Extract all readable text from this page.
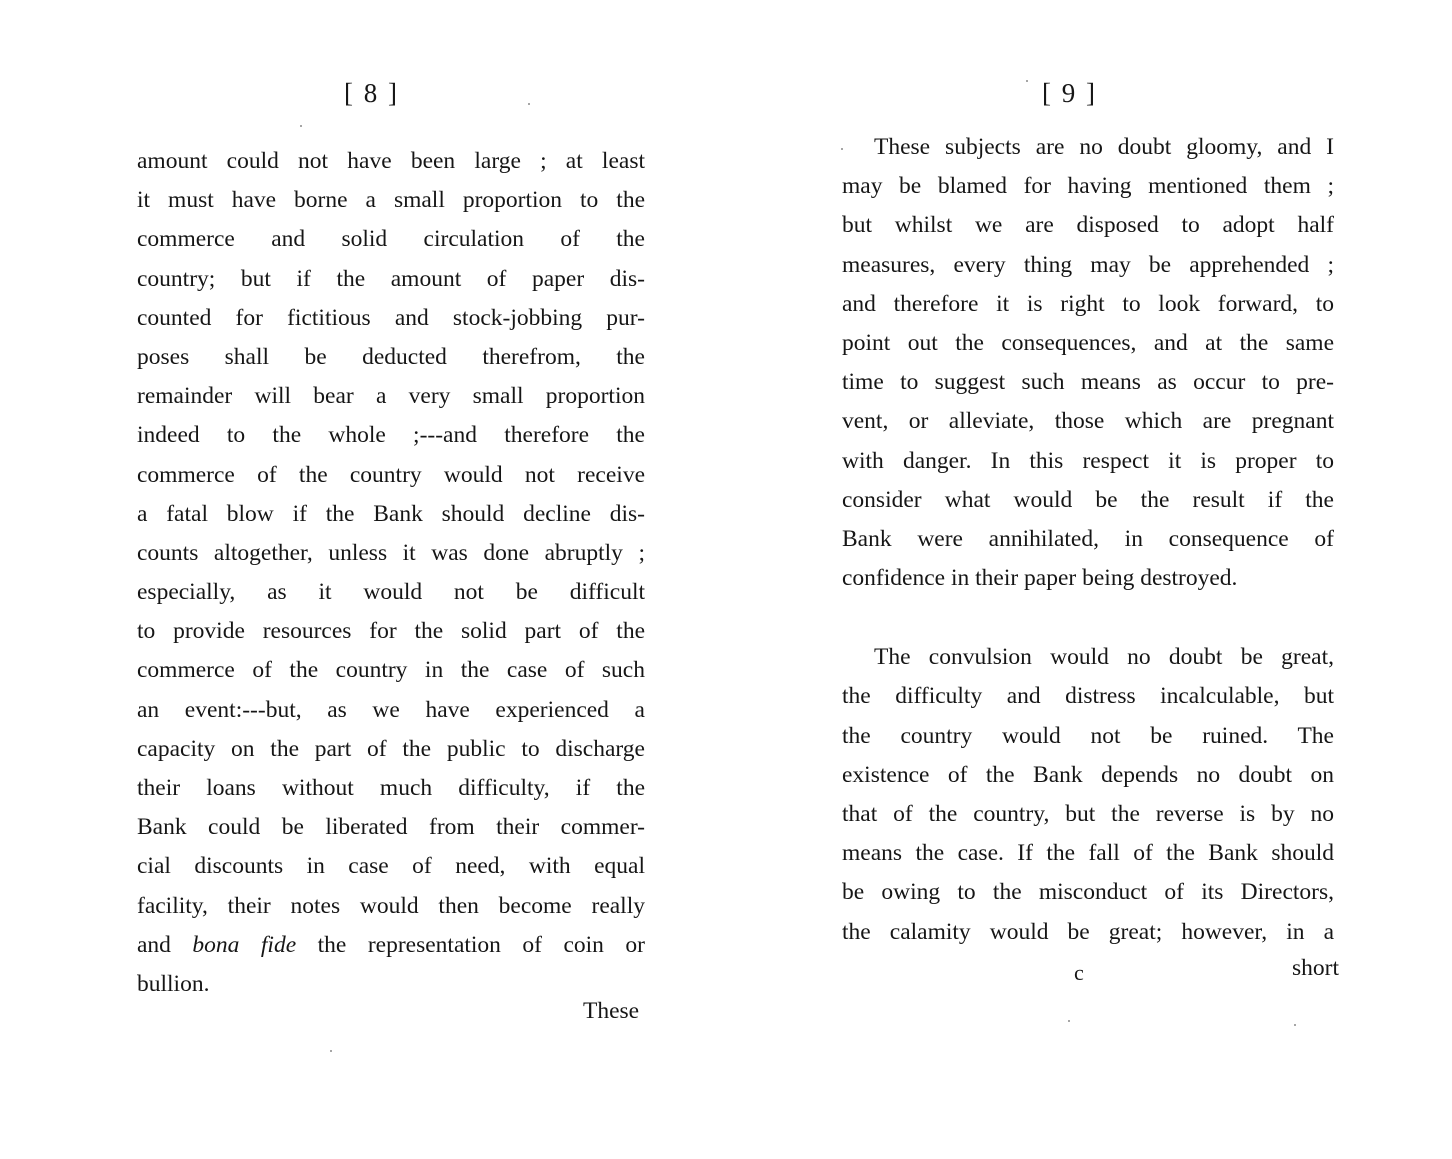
[ 8 ]
amount could not have been large ; at least
it must have borne a small proportion to the
commerce and solid circulation of the
country; but if the amount of paper dis-
counted for fictitious and stock-jobbing pur-
poses shall be deducted therefrom, the
remainder will bear a very small proportion
indeed to the whole ;---and therefore the
commerce of the country would not receive
a fatal blow if the Bank should decline dis-
counts altogether, unless it was done abruptly ;
especially, as it would not be difficult
to provide resources for the solid part of the
commerce of the country in the case of such
an event:---but, as we have experienced a
capacity on the part of the public to discharge
their loans without much difficulty, if the
Bank could be liberated from their commer-
cial discounts in case of need, with equal
facility, their notes would then become really
and bona fide the representation of coin or
bullion.
These
[ 9 ]
These subjects are no doubt gloomy, and I
may be blamed for having mentioned them ;
but whilst we are disposed to adopt half
measures, every thing may be apprehended ;
and therefore it is right to look forward, to
point out the consequences, and at the same
time to suggest such means as occur to pre-
vent, or alleviate, those which are pregnant
with danger. In this respect it is proper to
consider what would be the result if the
Bank were annihilated, in consequence of
confidence in their paper being destroyed.
The convulsion would no doubt be great,
the difficulty and distress incalculable, but
the country would not be ruined. The
existence of the Bank depends no doubt on
that of the country, but the reverse is by no
means the case. If the fall of the Bank should
be owing to the misconduct of its Directors,
the calamity would be great; however, in a
c	short
